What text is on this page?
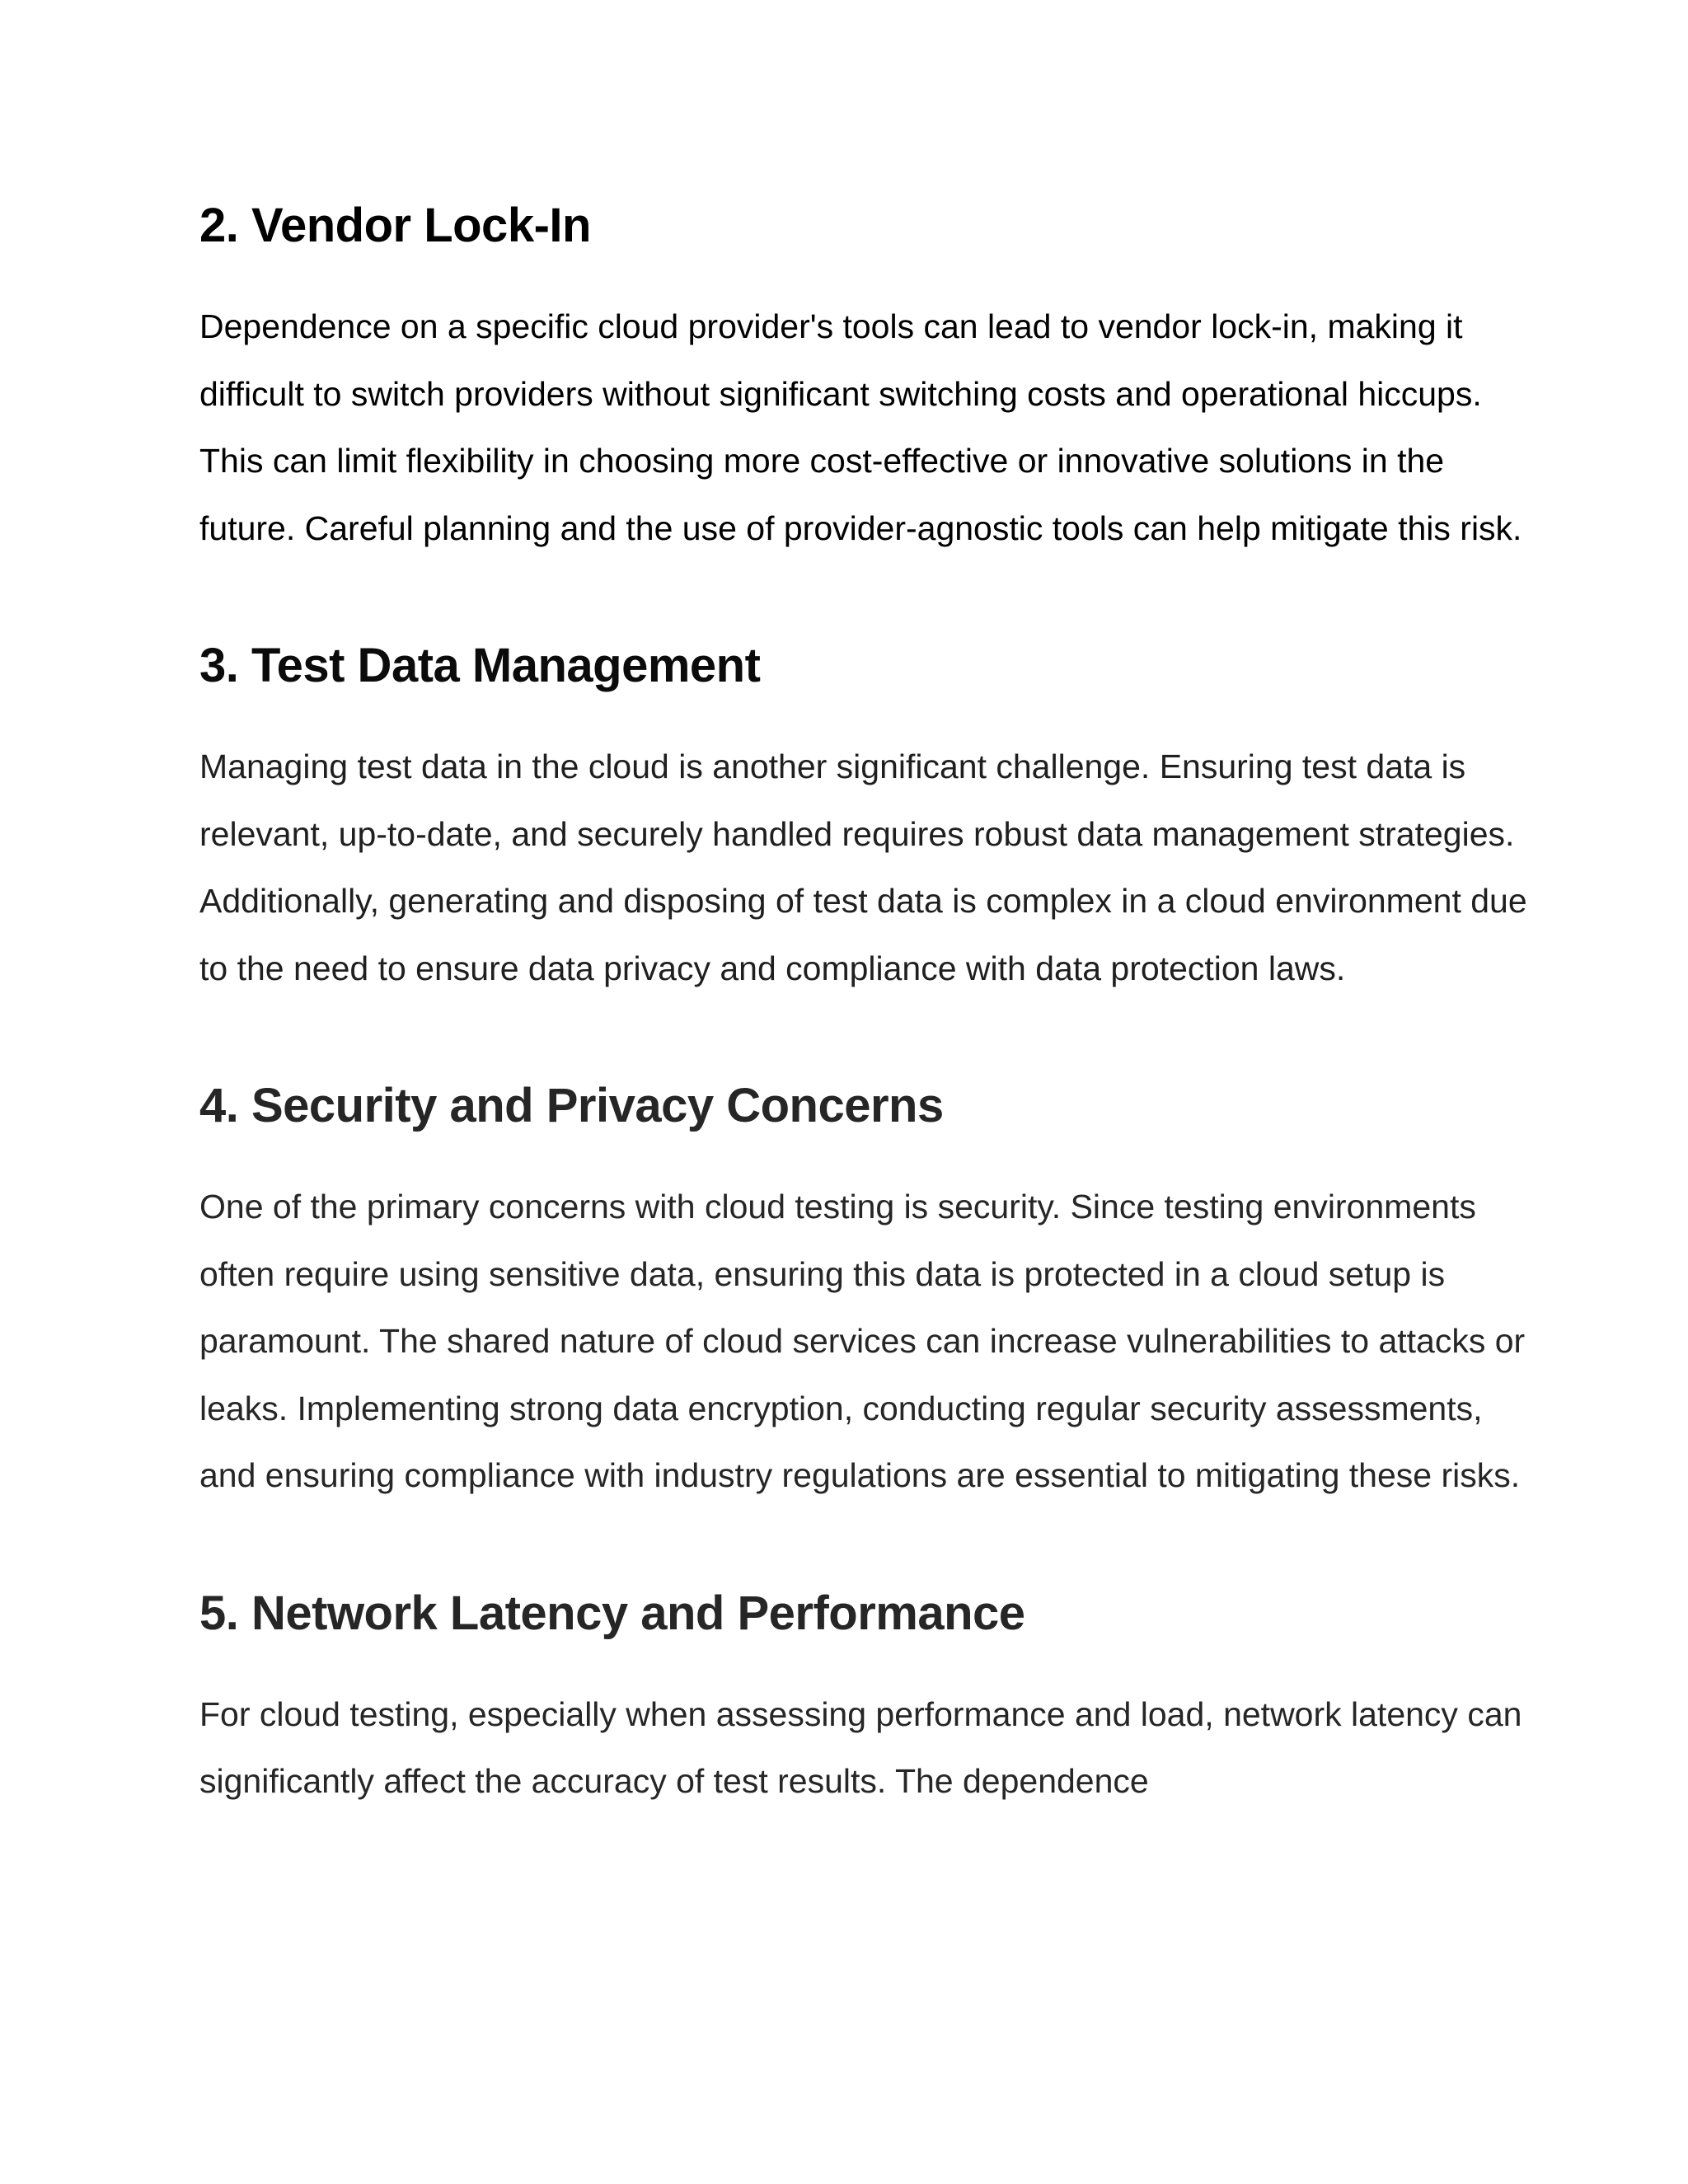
2. Vendor Lock-In

Dependence on a specific cloud provider's tools can lead to vendor lock-in, making it difficult to switch providers without significant switching costs and operational hiccups. This can limit flexibility in choosing more cost-effective or innovative solutions in the future. Careful planning and the use of provider-agnostic tools can help mitigate this risk.

3. Test Data Management

Managing test data in the cloud is another significant challenge. Ensuring test data is relevant, up-to-date, and securely handled requires robust data management strategies. Additionally, generating and disposing of test data is complex in a cloud environment due to the need to ensure data privacy and compliance with data protection laws.

4. Security and Privacy Concerns

One of the primary concerns with cloud testing is security. Since testing environments often require using sensitive data, ensuring this data is protected in a cloud setup is paramount. The shared nature of cloud services can increase vulnerabilities to attacks or leaks. Implementing strong data encryption, conducting regular security assessments, and ensuring compliance with industry regulations are essential to mitigating these risks.

5. Network Latency and Performance

For cloud testing, especially when assessing performance and load, network latency can significantly affect the accuracy of test results. The dependence
